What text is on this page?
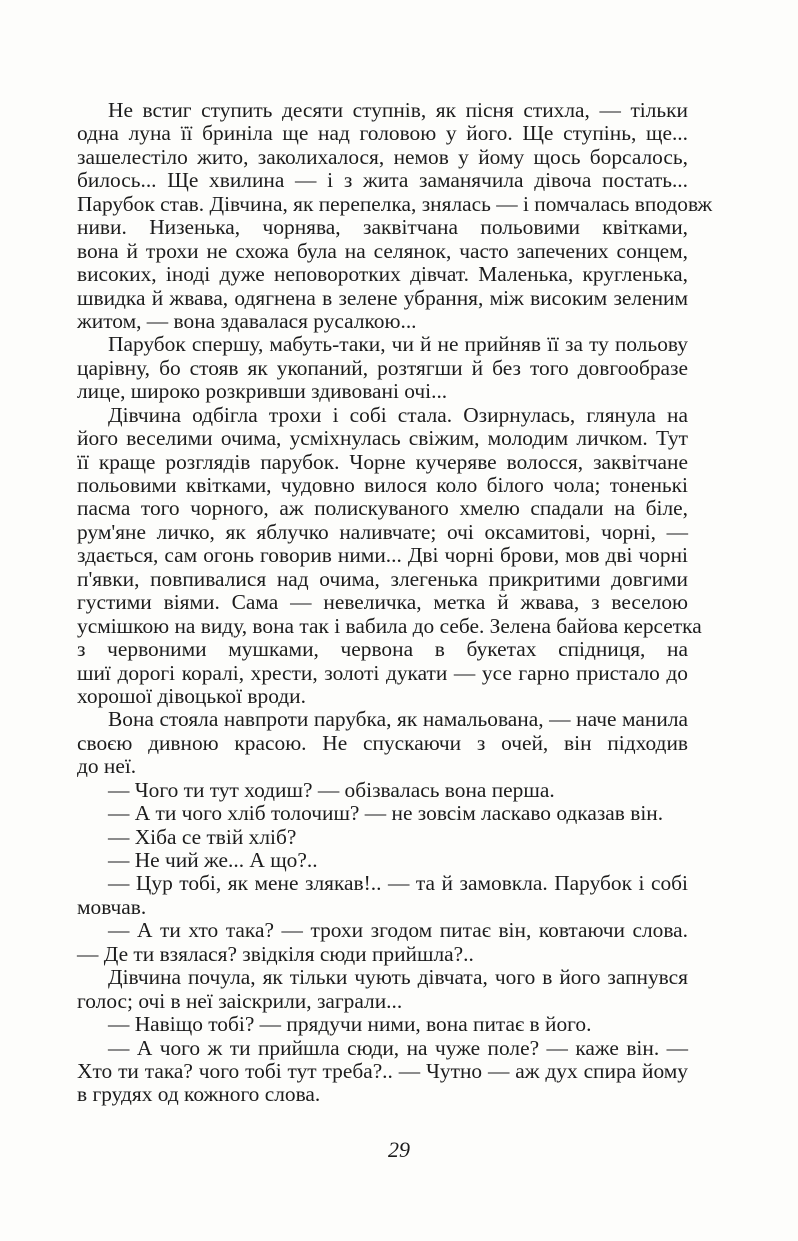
Не встиг ступить десяти ступнів, як пісня стихла, — тільки
одна луна її бриніла ще над головою у його. Ще ступінь, ще...
зашелестіло жито, заколихалося, немов у йому щось борсалось,
билось... Ще хвилина — і з жита заманячила дівоча постать...
Парубок став. Дівчина, як перепелка, знялась — і помчалась вподовж
ниви. Низенька, чорнява, заквітчана польовими квітками,
вона й трохи не схожа була на селянок, часто запечених сонцем,
високих, іноді дуже неповоротких дівчат. Маленька, кругленька,
швидка й жвава, одягнена в зелене убрання, між високим зеленим
житом, — вона здавалася русалкою...
Парубок спершу, мабуть-таки, чи й не прийняв її за ту польову
царівну, бо стояв як укопаний, розтягши й без того довгообразе
лице, широко розкривши здивовані очі...
Дівчина одбігла трохи і собі стала. Озирнулась, глянула на
його веселими очима, усміхнулась свіжим, молодим личком. Тут
її краще розглядів парубок. Чорне кучеряве волосся, заквітчане
польовими квітками, чудовно вилося коло білого чола; тоненькі
пасма того чорного, аж полискуваного хмелю спадали на біле,
рум'яне личко, як яблучко наливчате; очі оксамитові, чорні, —
здається, сам огонь говорив ними... Дві чорні брови, мов дві чорні
п'явки, повпивалися над очима, злегенька прикритими довгими
густими віями. Сама — невеличка, метка й жвава, з веселою
усмішкою на виду, вона так і вабила до себе. Зелена байова керсетка
з червоними мушками, червона в букетах спідниця, на
шиї дорогі коралі, хрести, золоті дукати — усе гарно пристало до
хорошої дівоцької вроди.
Вона стояла навпроти парубка, як намальована, — наче манила
своєю дивною красою. Не спускаючи з очей, він підходив
до неї.
— Чого ти тут ходиш? — обізвалась вона перша.
— А ти чого хліб толочиш? — не зовсім ласкаво одказав він.
— Хіба се твій хліб?
— Не чий же... А що?..
— Цур тобі, як мене злякав!.. — та й замовкла. Парубок і собі
мовчав.
— А ти хто така? — трохи згодом питає він, ковтаючи слова.
— Де ти взялася? звідкіля сюди прийшла?..
Дівчина почула, як тільки чують дівчата, чого в його запнувся
голос; очі в неї заіскрили, заграли...
— Навіщо тобі? — прядучи ними, вона питає в його.
— А чого ж ти прийшла сюди, на чуже поле? — каже він. —
Хто ти така? чого тобі тут треба?.. — Чутно — аж дух спира йому
в грудях од кожного слова.
29
